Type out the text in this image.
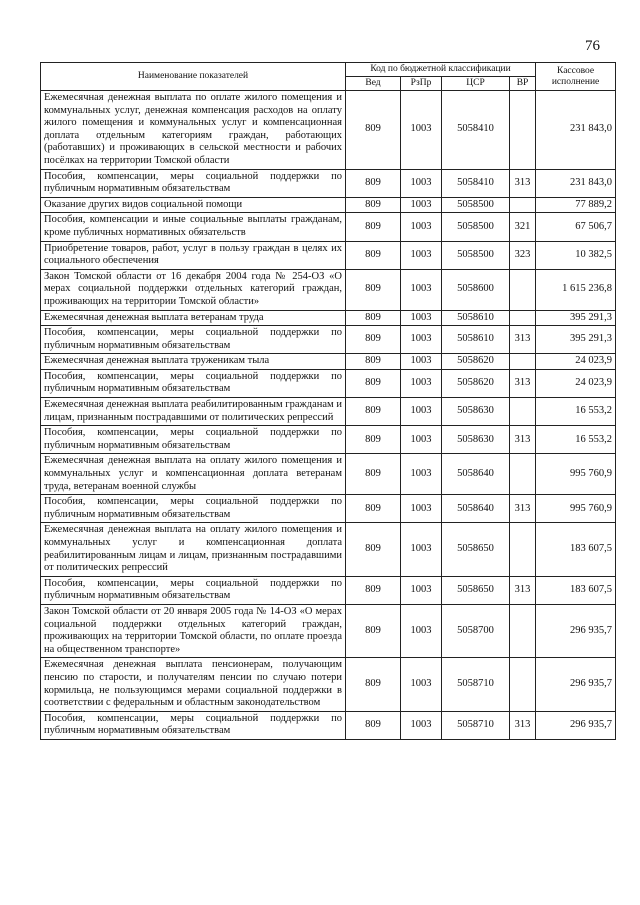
76
Наименование показателей	Код по бюджетной классификации				Кассовое исполнение
	Вед	РзПр	ЦСР	ВР	
Ежемесячная денежная выплата по оплате жилого помещения и коммунальных услуг, денежная компенсация расходов на оплату жилого помещения и коммунальных услуг и компенсационная доплата отдельным категориям граждан, работающих (работавших) и проживающих в сельской местности и рабочих посёлках на территории Томской области	809	1003	5058410		231 843,0
Пособия, компенсации, меры социальной поддержки по публичным нормативным обязательствам	809	1003	5058410	313	231 843,0
Оказание других видов социальной помощи	809	1003	5058500		77 889,2
Пособия, компенсации и иные социальные выплаты гражданам, кроме публичных нормативных обязательств	809	1003	5058500	321	67 506,7
Приобретение товаров, работ, услуг в пользу граждан в целях их социального обеспечения	809	1003	5058500	323	10 382,5
Закон Томской области от 16 декабря 2004 года № 254-ОЗ «О мерах социальной поддержки отдельных категорий граждан, проживающих на территории Томской области»	809	1003	5058600		1 615 236,8
Ежемесячная денежная выплата ветеранам труда	809	1003	5058610		395 291,3
Пособия, компенсации, меры социальной поддержки по публичным нормативным обязательствам	809	1003	5058610	313	395 291,3
Ежемесячная денежная выплата труженикам тыла	809	1003	5058620		24 023,9
Пособия, компенсации, меры социальной поддержки по публичным нормативным обязательствам	809	1003	5058620	313	24 023,9
Ежемесячная денежная выплата реабилитированным гражданам и лицам, признанным пострадавшими от политических репрессий	809	1003	5058630		16 553,2
Пособия, компенсации, меры социальной поддержки по публичным нормативным обязательствам	809	1003	5058630	313	16 553,2
Ежемесячная денежная выплата на оплату жилого помещения и коммунальных услуг и компенсационная доплата ветеранам труда, ветеранам военной службы	809	1003	5058640		995 760,9
Пособия, компенсации, меры социальной поддержки по публичным нормативным обязательствам	809	1003	5058640	313	995 760,9
Ежемесячная денежная выплата на оплату жилого помещения и коммунальных услуг и компенсационная доплата реабилитированным лицам и лицам, признанным пострадавшими от политических репрессий	809	1003	5058650		183 607,5
Пособия, компенсации, меры социальной поддержки по публичным нормативным обязательствам	809	1003	5058650	313	183 607,5
Закон Томской области от 20 января 2005 года № 14-ОЗ «О мерах социальной поддержки отдельных категорий граждан, проживающих на территории Томской области, по оплате проезда на общественном транспорте»	809	1003	5058700		296 935,7
Ежемесячная денежная выплата пенсионерам, получающим пенсию по старости, и получателям пенсии по случаю потери кормильца, не пользующимся мерами социальной поддержки в соответствии с федеральным и областным законодательством	809	1003	5058710		296 935,7
Пособия, компенсации, меры социальной поддержки по публичным нормативным обязательствам	809	1003	5058710	313	296 935,7
